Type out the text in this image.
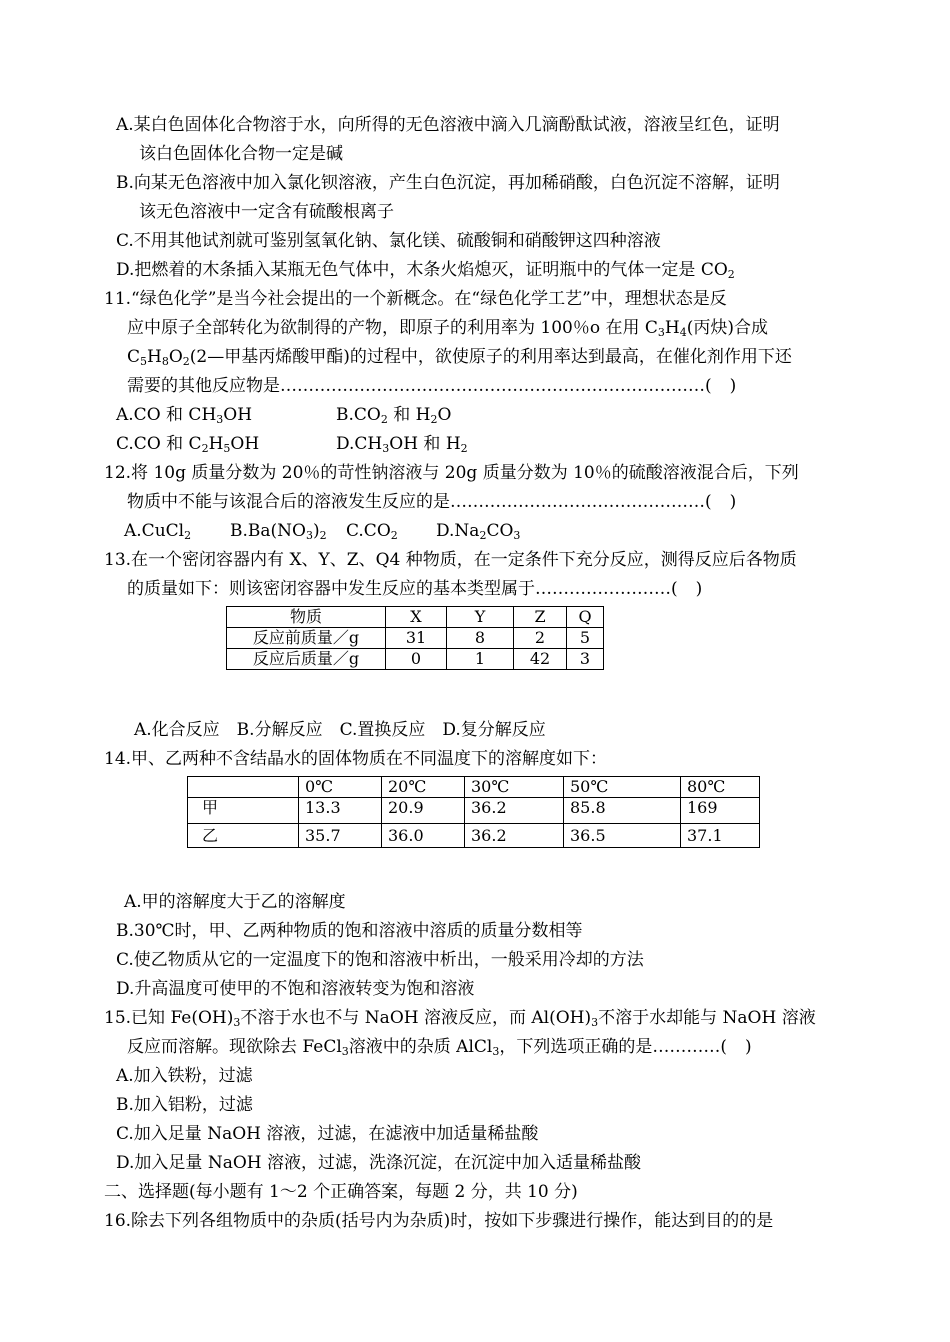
A.某白色固体化合物溶于水，向所得的无色溶液中滴入几滴酚酞试液，溶液呈红色，证明
该白色固体化合物一定是碱
B.向某无色溶液中加入氯化钡溶液，产生白色沉淀，再加稀硝酸，白色沉淀不溶解，证明
该无色溶液中一定含有硫酸根离子
C.不用其他试剂就可鉴别氢氧化钠、氯化镁、硫酸铜和硝酸钾这四种溶液
D.把燃着的木条插入某瓶无色气体中，木条火焰熄灭，证明瓶中的气体一定是 $CO_2$
11.“绿色化学”是当今社会提出的一个新概念。在“绿色化学工艺”中，理想状态是反
应中原子全部转化为欲制得的产物，即原子的利用率为 100％o 在用 $C_3H_4$(丙炔)合成
$C_5H_8O_2(2—$甲基丙烯酸甲酯)的过程中，欲使原子的利用率达到最高，在催化剂作用下还
需要的其他反应物是…………………………………………………………………( )
A.CO 和 $CH_3OH$	$B.CO_2$ 和 $H_2O$
C.CO 和 $C_2H_5OH$	$D.CH_3OH$ 和 $H_2$
12.将 10g 质量分数为 20％的苛性钠溶液与 20g 质量分数为 10％的硫酸溶液混合后，下列
物质中不能与该混合后的溶液发生反应的是………………………………………( )
A.CuCl$_2$ $B.Ba(NO_3)_2$ $C.CO_2$ $D.Na_2CO_3$
13.在一个密闭容器内有 X、Y、Z、Q4 种物质，在一定条件下充分反应，测得反应后各物质
的质量如下：则该密闭容器中发生反应的基本类型属于……………………( )
物质	X	Y	Z	Q
反应前质量／g	31	8	2	5
反应后质量／g	0	1	42	3
A.化合反应　B.分解反应　C.置换反应　D.复分解反应
14.甲、乙两种不含结晶水的固体物质在不同温度下的溶解度如下：
	0℃	20℃	30℃	50℃	80℃
甲	13.3	20.9	36.2	85.8	169
乙	35.7	36.0	36.2	36.5	37.1
A.甲的溶解度大于乙的溶解度
B.30℃时，甲、乙两种物质的饱和溶液中溶质的质量分数相等
C.使乙物质从它的一定温度下的饱和溶液中析出，一般采用冷却的方法
D.升高温度可使甲的不饱和溶液转变为饱和溶液
15.已知 $Fe(OH)_3$不溶于水也不与 NaOH 溶液反应，而 $Al(OH)_3$不溶于水却能与 NaOH 溶液
反应而溶解。现欲除去 FeCl$_3$溶液中的杂质 AlCl$_3$，下列选项正确的是…………( )
A.加入铁粉，过滤
B.加入铝粉，过滤
C.加入足量 NaOH 溶液，过滤，在滤液中加适量稀盐酸
D.加入足量 NaOH 溶液，过滤，洗涤沉淀，在沉淀中加入适量稀盐酸
二、选择题(每小题有 1～2 个正确答案，每题 2 分，共 10 分)
16.除去下列各组物质中的杂质(括号内为杂质)时，按如下步骤进行操作，能达到目的的是
